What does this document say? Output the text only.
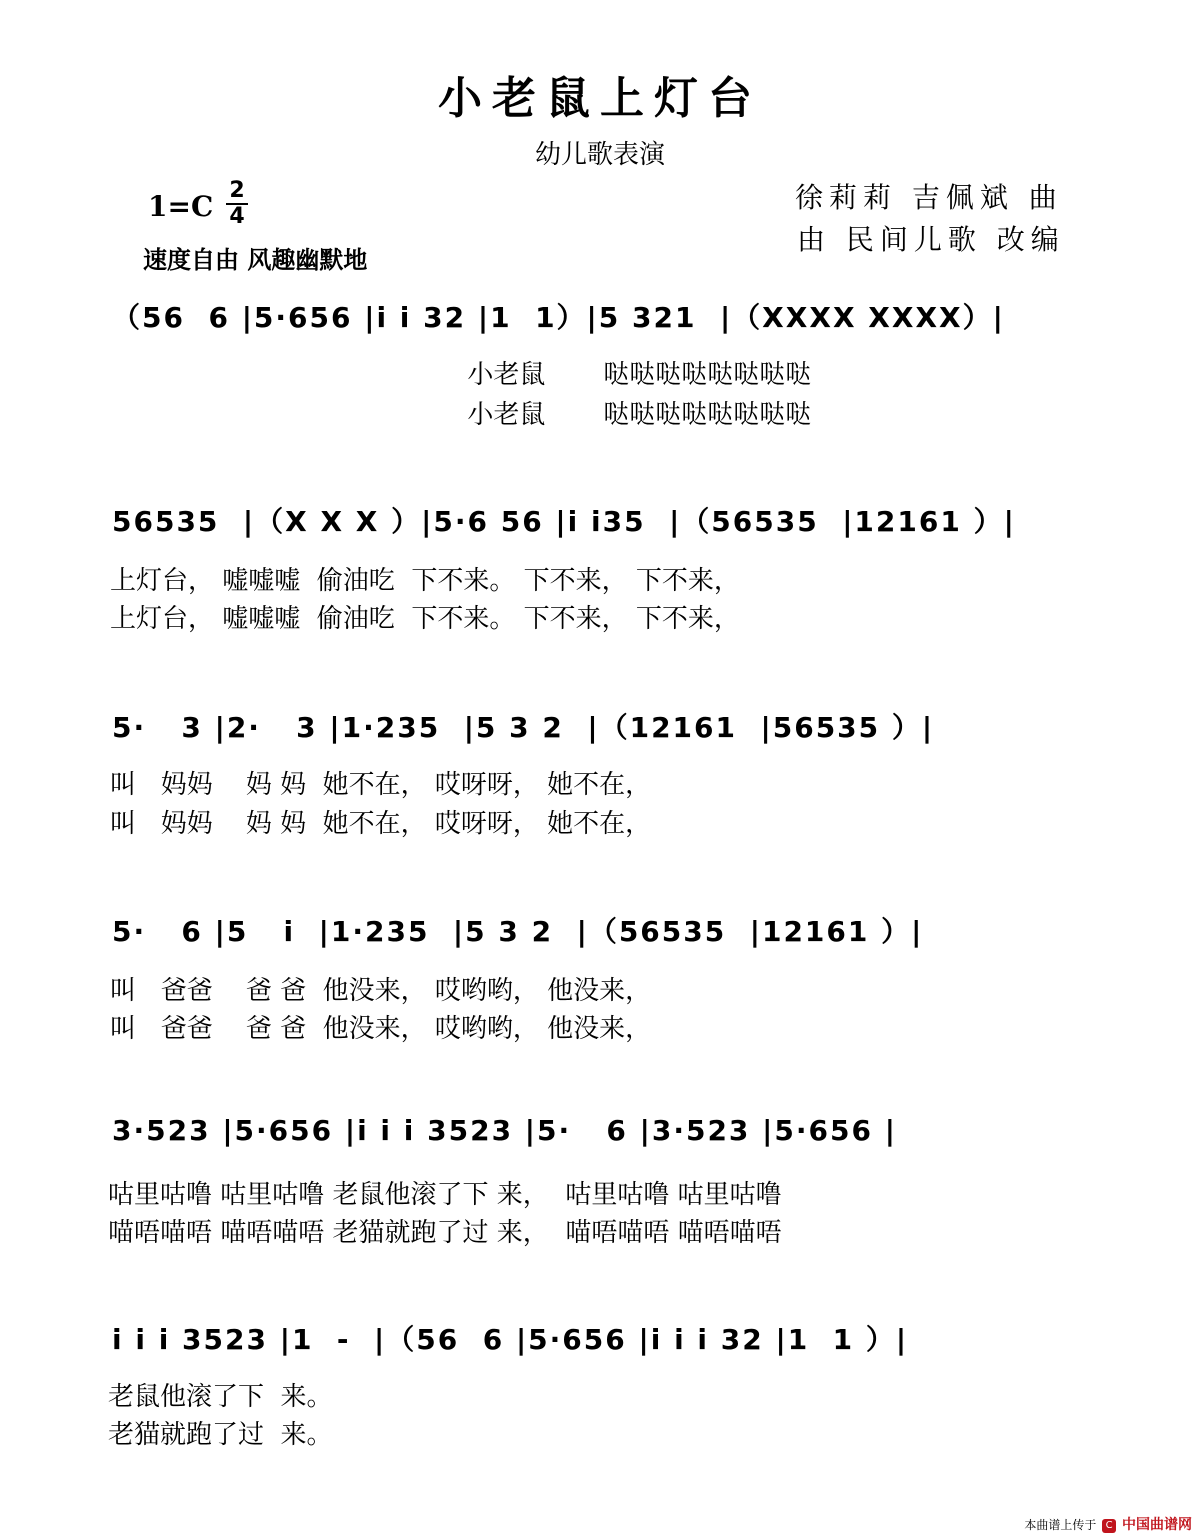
小老鼠上灯台
幼儿歌表演
1=C 2
4
速度自由 风趣幽默地
徐莉莉 吉佩斌 曲
由 民间儿歌 改编
（56  6 |5·656 |i i 32 |1  1）|5 321  |（XXXX XXXX）|
小老鼠       哒哒哒哒哒哒哒哒
小老鼠       哒哒哒哒哒哒哒哒
56535  |（X X X ）|5·6 56 |i i35  |（56535  |12161 ）|
上灯台， 嘘嘘嘘  偷油吃  下不来。 下不来， 下不来，
上灯台， 嘘嘘嘘  偷油吃  下不来。 下不来， 下不来，
5·   3 |2·   3 |1·235  |5 3 2  |（12161  |56535 ）|
叫   妈妈    妈 妈  她不在， 哎呀呀， 她不在，
叫   妈妈    妈 妈  她不在， 哎呀呀， 她不在，
5·   6 |5   i  |1·235  |5 3 2  |（56535  |12161 ）|
叫   爸爸    爸 爸  他没来， 哎哟哟， 他没来，
叫   爸爸    爸 爸  他没来， 哎哟哟， 他没来，
3·523 |5·656 |i i i 3523 |5·   6 |3·523 |5·656 |
咕里咕噜 咕里咕噜 老鼠他滚了下 来，  咕里咕噜 咕里咕噜
喵唔喵唔 喵唔喵唔 老猫就跑了过 来，  喵唔喵唔 喵唔喵唔
i i i 3523 |1  -  |（56  6 |5·656 |i i i 32 |1  1 ）|
老鼠他滚了下  来。
老猫就跑了过  来。
本曲谱上传于 C 中国曲谱网
